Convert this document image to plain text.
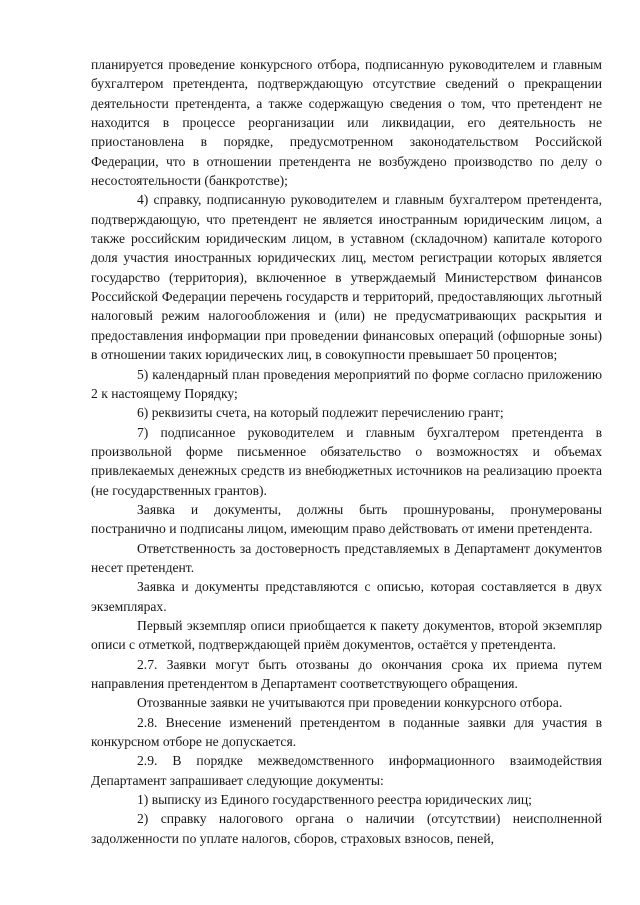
планируется проведение конкурсного отбора, подписанную руководителем и главным бухгалтером претендента, подтверждающую отсутствие сведений о прекращении деятельности претендента, а также содержащую сведения о том, что претендент не находится в процессе реорганизации или ликвидации, его деятельность не приостановлена в порядке, предусмотренном законодательством Российской Федерации, что в отношении претендента не возбуждено производство по делу о несостоятельности (банкротстве);

4) справку, подписанную руководителем и главным бухгалтером претендента, подтверждающую, что претендент не является иностранным юридическим лицом, а также российским юридическим лицом, в уставном (складочном) капитале которого доля участия иностранных юридических лиц, местом регистрации которых является государство (территория), включенное в утверждаемый Министерством финансов Российской Федерации перечень государств и территорий, предоставляющих льготный налоговый режим налогообложения и (или) не предусматривающих раскрытия и предоставления информации при проведении финансовых операций (офшорные зоны) в отношении таких юридических лиц, в совокупности превышает 50 процентов;

5) календарный план проведения мероприятий по форме согласно приложению 2 к настоящему Порядку;

6) реквизиты счета, на который подлежит перечислению грант;

7) подписанное руководителем и главным бухгалтером претендента в произвольной форме письменное обязательство о возможностях и объемах привлекаемых денежных средств из внебюджетных источников на реализацию проекта (не государственных грантов).

Заявка и документы, должны быть прошнурованы, пронумерованы постранично и подписаны лицом, имеющим право действовать от имени претендента.

Ответственность за достоверность представляемых в Департамент документов несет претендент.

Заявка и документы представляются с описью, которая составляется в двух экземплярах.

Первый экземпляр описи приобщается к пакету документов, второй экземпляр описи с отметкой, подтверждающей приём документов, остаётся у претендента.

2.7. Заявки могут быть отозваны до окончания срока их приема путем направления претендентом в Департамент соответствующего обращения.

Отозванные заявки не учитываются при проведении конкурсного отбора.

2.8. Внесение изменений претендентом в поданные заявки для участия в конкурсном отборе не допускается.

2.9. В порядке межведомственного информационного взаимодействия Департамент запрашивает следующие документы:

1) выписку из Единого государственного реестра юридических лиц;

2) справку налогового органа о наличии (отсутствии) неисполненной задолженности по уплате налогов, сборов, страховых взносов, пеней,
